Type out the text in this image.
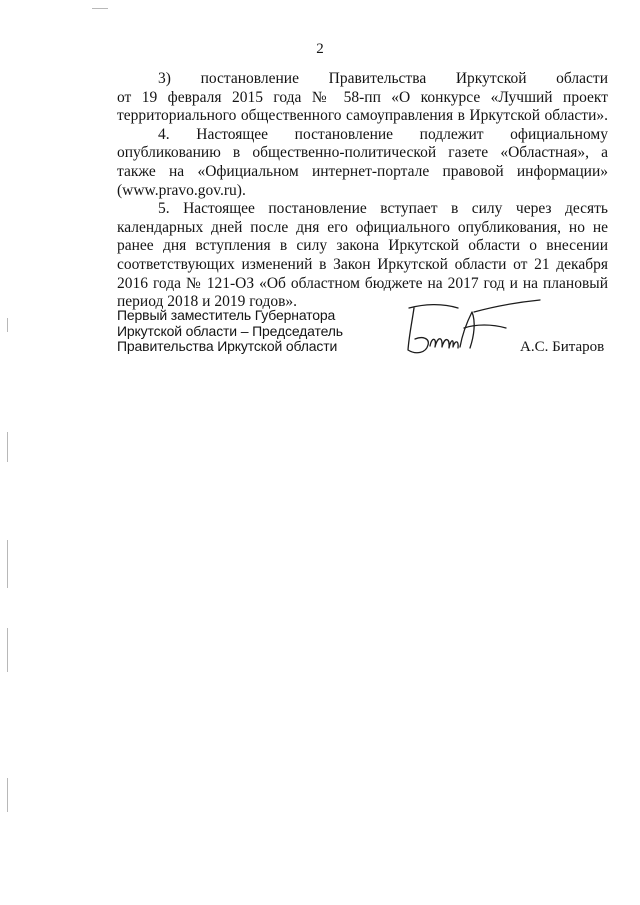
2

3) постановление Правительства Иркутской области
от 19 февраля 2015 года № 58-пп «О конкурсе «Лучший проект территориального общественного самоуправления в Иркутской области».

4. Настоящее постановление подлежит официальному опубликованию в общественно-политической газете «Областная», а также на «Официальном интернет-портале правовой информации» (www.pravo.gov.ru).

5. Настоящее постановление вступает в силу через десять календарных дней после дня его официального опубликования, но не ранее дня вступления в силу закона Иркутской области о внесении соответствующих изменений в Закон Иркутской области от 21 декабря 2016 года № 121-ОЗ «Об областном бюджете на 2017 год и на плановый период 2018 и 2019 годов».

Первый заместитель Губернатора
Иркутской области – Председатель
Правительства Иркутской области	А.С. Битаров
